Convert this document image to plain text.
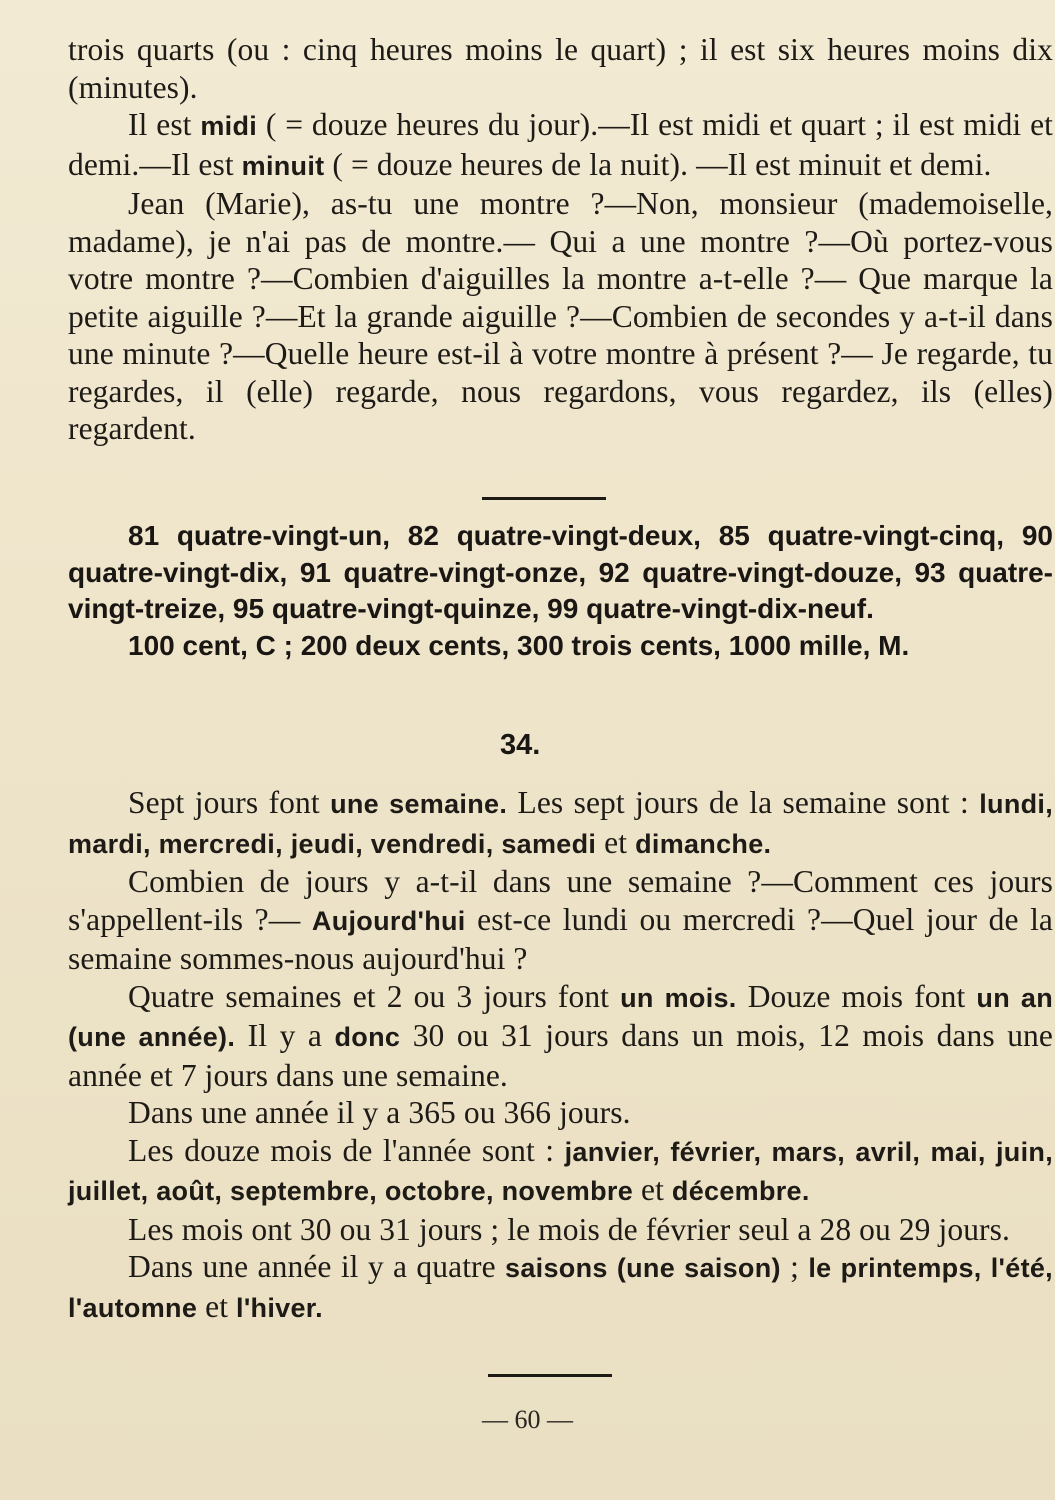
trois quarts (ou : cinq heures moins le quart) ; il est six heures moins dix (minutes).

Il est midi ( = douze heures du jour).—Il est midi et quart ; il est midi et demi.—Il est minuit ( = douze heures de la nuit). —Il est minuit et demi.

Jean (Marie), as-tu une montre ?—Non, monsieur (mademoiselle, madame), je n'ai pas de montre.— Qui a une montre ?—Où portez-vous votre montre ?—Combien d'aiguilles la montre a-t-elle ?— Que marque la petite aiguille ?—Et la grande aiguille ?—Combien de secondes y a-t-il dans une minute ?—Quelle heure est-il à votre montre à présent ?— Je regarde, tu regardes, il (elle) regarde, nous regardons, vous regardez, ils (elles) regardent.

81 quatre-vingt-un, 82 quatre-vingt-deux, 85 quatre-vingt-cinq, 90 quatre-vingt-dix, 91 quatre-vingt-onze, 92 quatre-vingt-douze, 93 quatre-vingt-treize, 95 quatre-vingt-quinze, 99 quatre-vingt-dix-neuf.

100 cent, C ; 200 deux cents, 300 trois cents, 1000 mille, M.

34.

Sept jours font une semaine. Les sept jours de la semaine sont : lundi, mardi, mercredi, jeudi, vendredi, samedi et dimanche.

Combien de jours y a-t-il dans une semaine ?—Comment ces jours s'appellent-ils ?— Aujourd'hui est-ce lundi ou mercredi ?—Quel jour de la semaine sommes-nous aujourd'hui ?

Quatre semaines et 2 ou 3 jours font un mois. Douze mois font un an (une année). Il y a donc 30 ou 31 jours dans un mois, 12 mois dans une année et 7 jours dans une semaine.

Dans une année il y a 365 ou 366 jours.

Les douze mois de l'année sont : janvier, février, mars, avril, mai, juin, juillet, août, septembre, octobre, novembre et décembre.

Les mois ont 30 ou 31 jours ; le mois de février seul a 28 ou 29 jours.

Dans une année il y a quatre saisons (une saison) ; le printemps, l'été, l'automne et l'hiver.

— 60 —
